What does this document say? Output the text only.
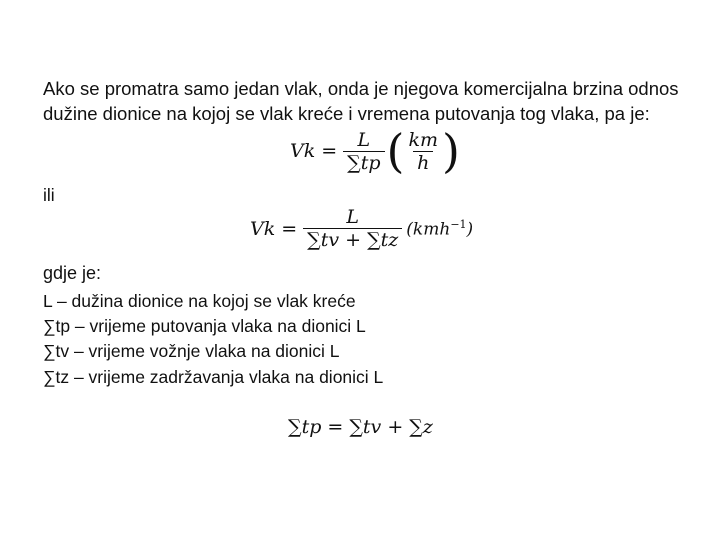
Ako se promatra samo jedan vlak, onda je njegova komercijalna brzina odnos dužine dionice na kojoj se vlak kreće i vremena putovanja tog vlaka, pa je:
$Vk = \frac{L}{\sum tp}$ ( $\frac{km}{h}$ )
ili
$Vk = \frac{L}{\sum tv + \sum tz} (kmh^{-1})$
gdje je:
L – dužina dionice na kojoj se vlak kreće
∑tp – vrijeme putovanja vlaka na dionici L
∑tv – vrijeme vožnje vlaka na dionici L
∑tz – vrijeme zadržavanja vlaka na dionici L
∑tp = ∑tv + ∑z
